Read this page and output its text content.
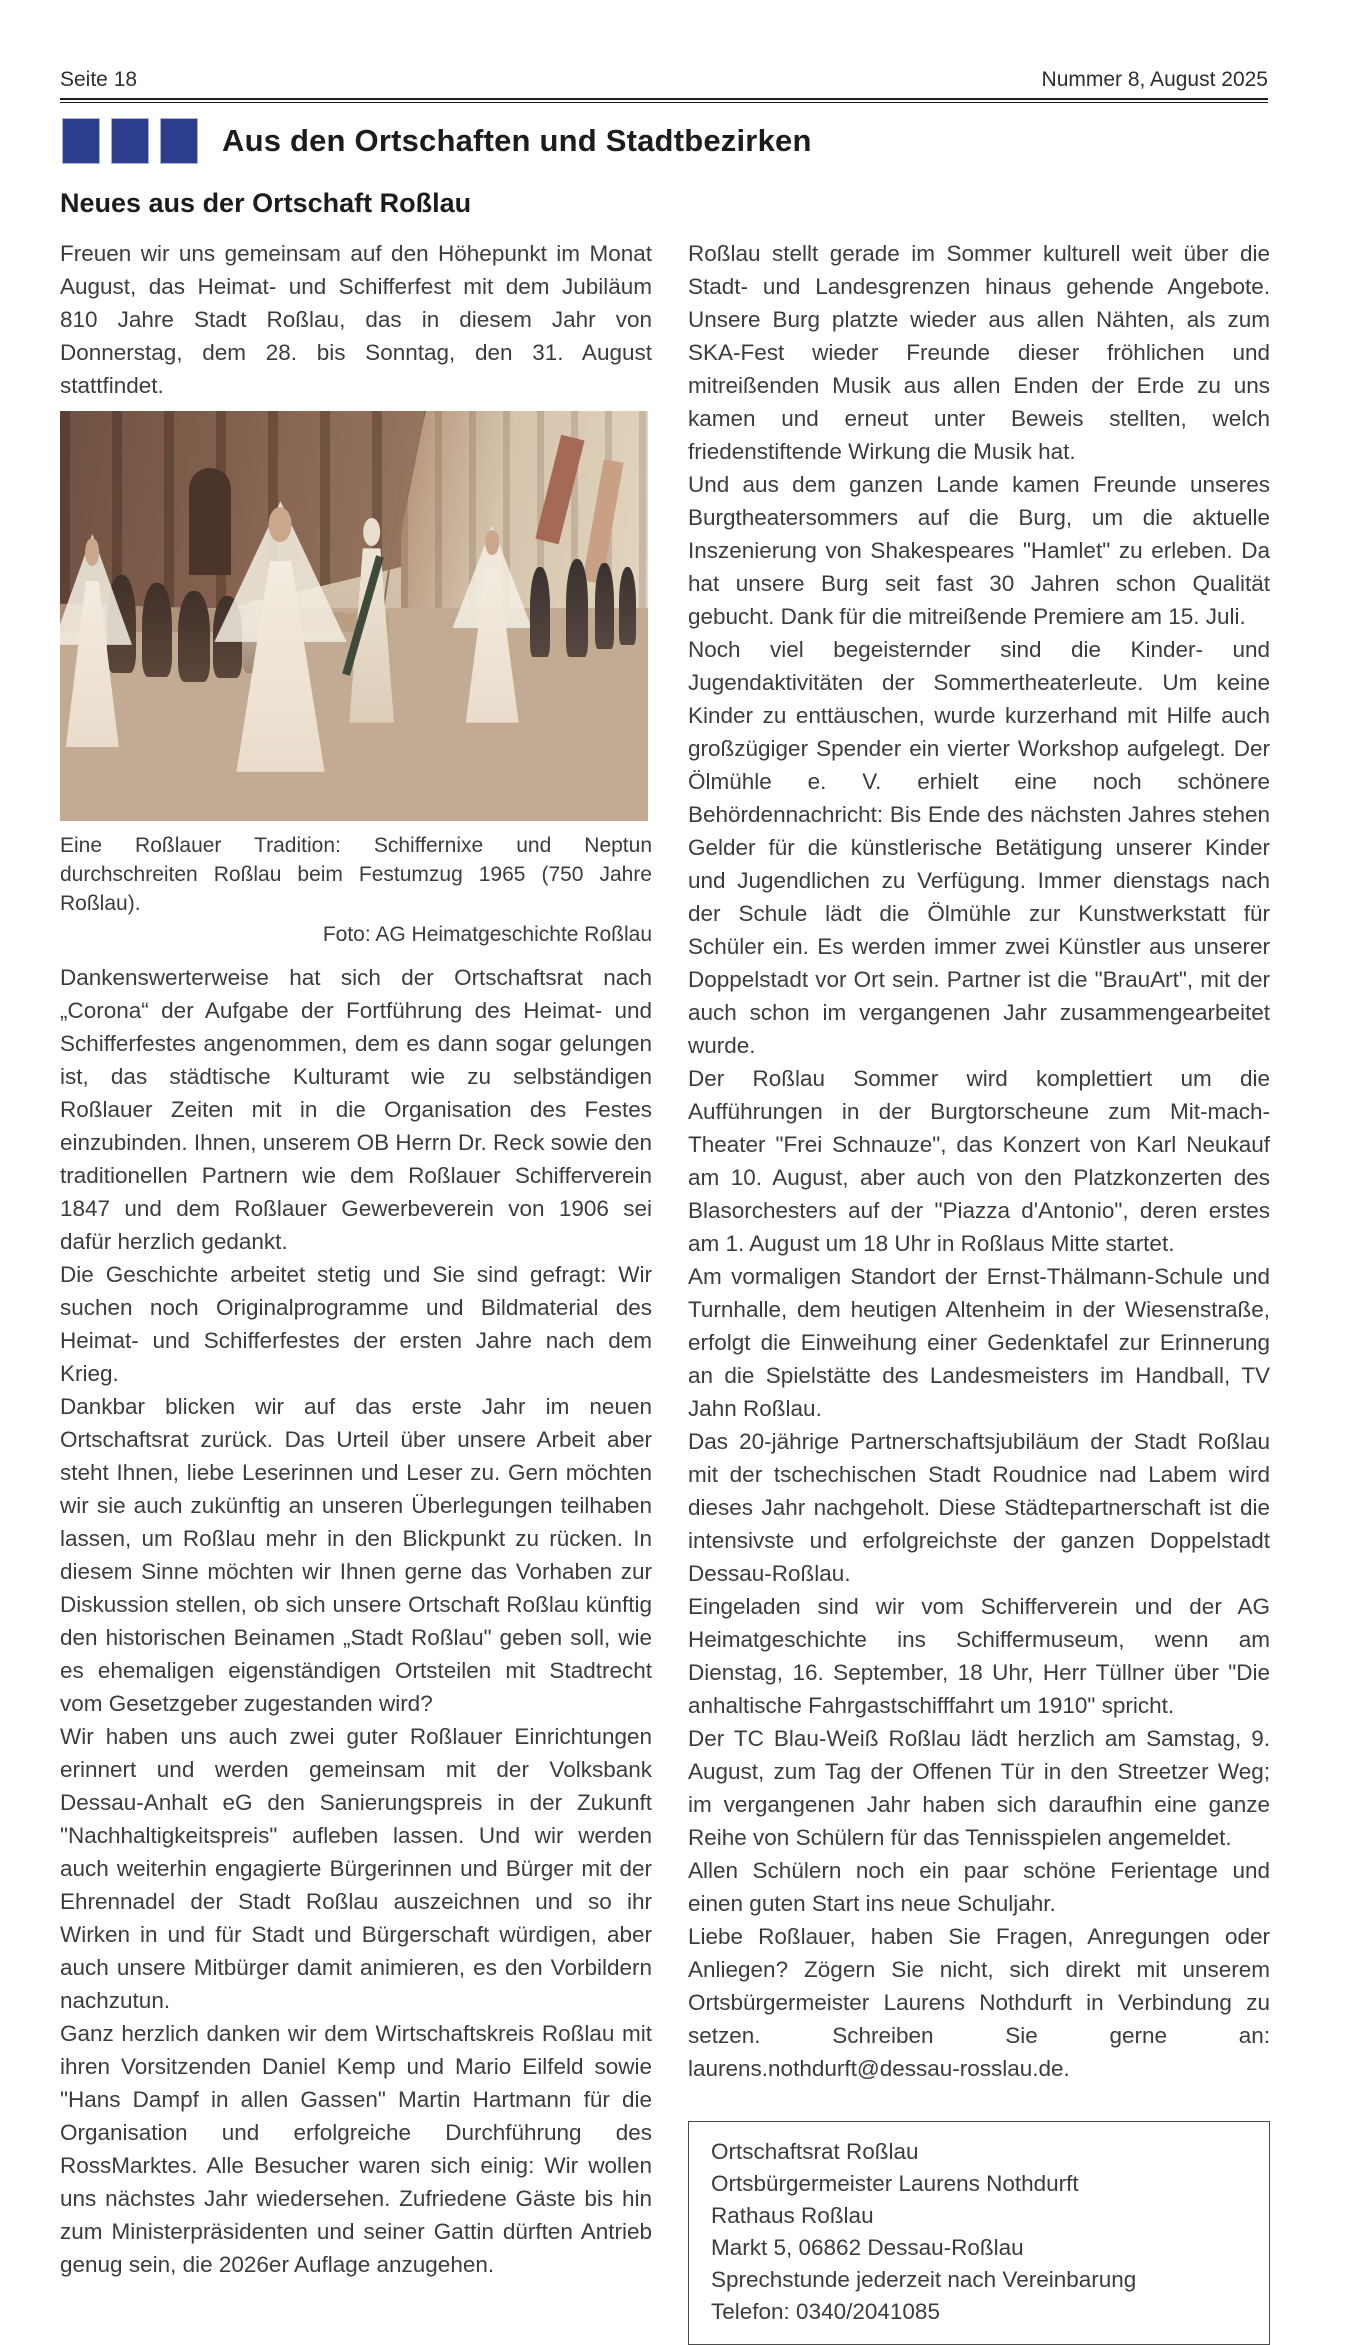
Seite 18	Nummer 8, August 2025
Aus den Ortschaften und Stadtbezirken
Neues aus der Ortschaft Roßlau

Freuen wir uns gemeinsam auf den Höhepunkt im Monat August, das Heimat- und Schifferfest mit dem Jubiläum 810 Jahre Stadt Roßlau, das in diesem Jahr von Donnerstag, dem 28. bis Sonntag, den 31. August stattfindet.

Eine Roßlauer Tradition: Schiffernixe und Neptun durchschreiten Roßlau beim Festumzug 1965 (750 Jahre Roßlau).

Foto: AG Heimatgeschichte Roßlau

Dankenswerterweise hat sich der Ortschaftsrat nach „Corona“ der Aufgabe der Fortführung des Heimat- und Schifferfestes angenommen, dem es dann sogar gelungen ist, das städtische Kulturamt wie zu selbständigen Roßlauer Zeiten mit in die Organisation des Festes einzubinden. Ihnen, unserem OB Herrn Dr. Reck sowie den traditionellen Partnern wie dem Roßlauer Schifferverein 1847 und dem Roßlauer Gewerbeverein von 1906 sei dafür herzlich gedankt.

Die Geschichte arbeitet stetig und Sie sind gefragt: Wir suchen noch Originalprogramme und Bildmaterial des Heimat- und Schifferfestes der ersten Jahre nach dem Krieg.

Dankbar blicken wir auf das erste Jahr im neuen Ortschaftsrat zurück. Das Urteil über unsere Arbeit aber steht Ihnen, liebe Leserinnen und Leser zu. Gern möchten wir sie auch zukünftig an unseren Überlegungen teilhaben lassen, um Roßlau mehr in den Blickpunkt zu rücken. In diesem Sinne möchten wir Ihnen gerne das Vorhaben zur Diskussion stellen, ob sich unsere Ortschaft Roßlau künftig den historischen Beinamen „Stadt Roßlau" geben soll, wie es ehemaligen eigenständigen Ortsteilen mit Stadtrecht vom Gesetzgeber zugestanden wird?

Wir haben uns auch zwei guter Roßlauer Einrichtungen erinnert und werden gemeinsam mit der Volksbank Dessau-Anhalt eG den Sanierungspreis in der Zukunft "Nachhaltigkeitspreis" aufleben lassen. Und wir werden auch weiterhin engagierte Bürgerinnen und Bürger mit der Ehrennadel der Stadt Roßlau auszeichnen und so ihr Wirken in und für Stadt und Bürgerschaft würdigen, aber auch unsere Mitbürger damit animieren, es den Vorbildern nachzutun.

Ganz herzlich danken wir dem Wirtschaftskreis Roßlau mit ihren Vorsitzenden Daniel Kemp und Mario Eilfeld sowie "Hans Dampf in allen Gassen" Martin Hartmann für die Organisation und erfolgreiche Durchführung des RossMarktes. Alle Besucher waren sich einig: Wir wollen uns nächstes Jahr wiedersehen. Zufriedene Gäste bis hin zum Ministerpräsidenten und seiner Gattin dürften Antrieb genug sein, die 2026er Auflage anzugehen.

Roßlau stellt gerade im Sommer kulturell weit über die Stadt- und Landesgrenzen hinaus gehende Angebote. Unsere Burg platzte wieder aus allen Nähten, als zum SKA-Fest wieder Freunde dieser fröhlichen und mitreißenden Musik aus allen Enden der Erde zu uns kamen und erneut unter Beweis stellten, welch friedenstiftende Wirkung die Musik hat.

Und aus dem ganzen Lande kamen Freunde unseres Burgtheatersommers auf die Burg, um die aktuelle Inszenierung von Shakespeares "Hamlet" zu erleben. Da hat unsere Burg seit fast 30 Jahren schon Qualität gebucht. Dank für die mitreißende Premiere am 15. Juli.

Noch viel begeisternder sind die Kinder- und Jugendaktivitäten der Sommertheaterleute. Um keine Kinder zu enttäuschen, wurde kurzerhand mit Hilfe auch großzügiger Spender ein vierter Workshop aufgelegt. Der Ölmühle e. V. erhielt eine noch schönere Behördennachricht: Bis Ende des nächsten Jahres stehen Gelder für die künstlerische Betätigung unserer Kinder und Jugendlichen zu Verfügung. Immer dienstags nach der Schule lädt die Ölmühle zur Kunstwerkstatt für Schüler ein. Es werden immer zwei Künstler aus unserer Doppelstadt vor Ort sein. Partner ist die "BrauArt", mit der auch schon im vergangenen Jahr zusammengearbeitet wurde.

Der Roßlau Sommer wird komplettiert um die Aufführungen in der Burgtorscheune zum Mit-mach-Theater "Frei Schnauze", das Konzert von Karl Neukauf am 10. August, aber auch von den Platzkonzerten des Blasorchesters auf der "Piazza d'Antonio", deren erstes am 1. August um 18 Uhr in Roßlaus Mitte startet.

Am vormaligen Standort der Ernst-Thälmann-Schule und Turnhalle, dem heutigen Altenheim in der Wiesenstraße, erfolgt die Einweihung einer Gedenktafel zur Erinnerung an die Spielstätte des Landesmeisters im Handball, TV Jahn Roßlau.

Das 20-jährige Partnerschaftsjubiläum der Stadt Roßlau mit der tschechischen Stadt Roudnice nad Labem wird dieses Jahr nachgeholt. Diese Städtepartnerschaft ist die intensivste und erfolgreichste der ganzen Doppelstadt Dessau-Roßlau.

Eingeladen sind wir vom Schifferverein und der AG Heimatgeschichte ins Schiffermuseum, wenn am Dienstag, 16. September, 18 Uhr, Herr Tüllner über "Die anhaltische Fahrgastschifffahrt um 1910" spricht.

Der TC Blau-Weiß Roßlau lädt herzlich am Samstag, 9. August, zum Tag der Offenen Tür in den Streetzer Weg; im vergangenen Jahr haben sich daraufhin eine ganze Reihe von Schülern für das Tennisspielen angemeldet.

Allen Schülern noch ein paar schöne Ferientage und einen guten Start ins neue Schuljahr.

Liebe Roßlauer, haben Sie Fragen, Anregungen oder Anliegen? Zögern Sie nicht, sich direkt mit unserem Ortsbürgermeister Laurens Nothdurft in Verbindung zu setzen. Schreiben Sie gerne an: laurens.nothdurft@dessau-rosslau.de.

Ortschaftsrat Roßlau
Ortsbürgermeister Laurens Nothdurft
Rathaus Roßlau
Markt 5, 06862 Dessau-Roßlau
Sprechstunde jederzeit nach Vereinbarung
Telefon: 0340/2041085
